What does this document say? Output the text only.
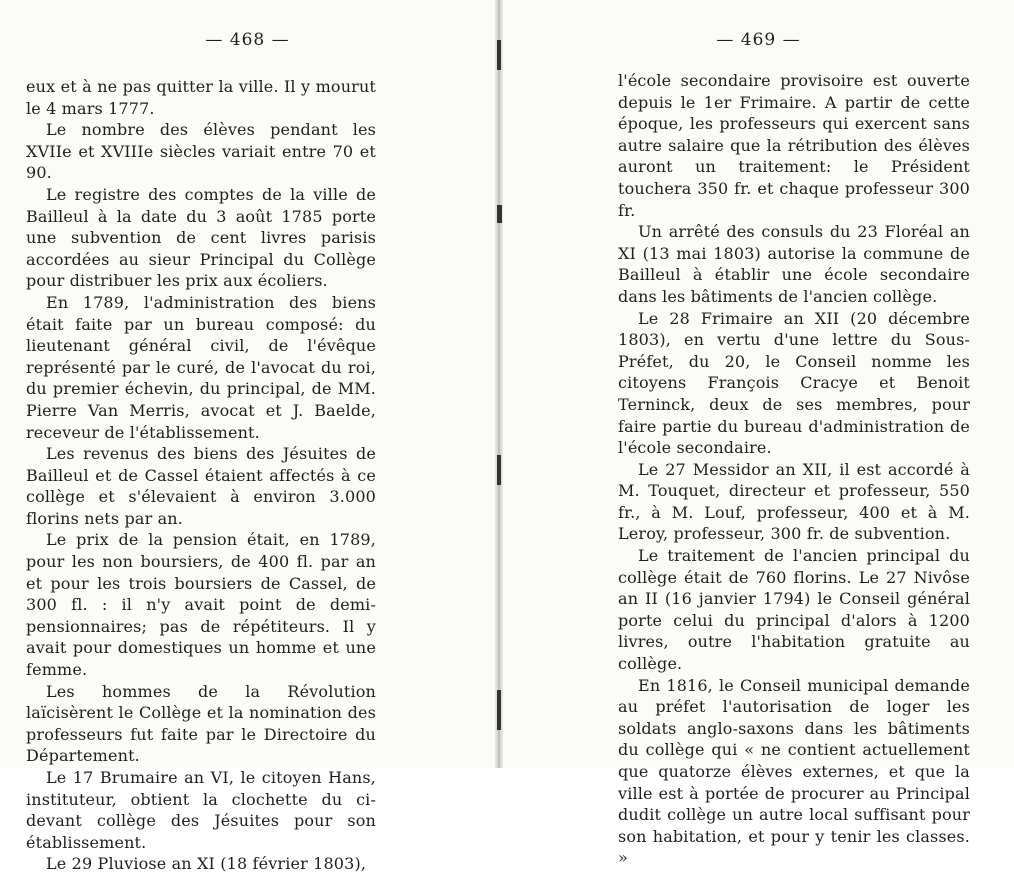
— 468 —

eux et à ne pas quitter la ville. Il y mourut le 4 mars 1777.

Le nombre des élèves pendant les XVIIe et XVIIIe siècles variait entre 70 et 90.

Le registre des comptes de la ville de Bailleul à la date du 3 août 1785 porte une subvention de cent livres parisis accordées au sieur Principal du Collège pour distribuer les prix aux écoliers.

En 1789, l'administration des biens était faite par un bureau composé: du lieutenant général civil, de l'évêque représenté par le curé, de l'avocat du roi, du premier échevin, du principal, de MM. Pierre Van Merris, avocat et J. Baelde, receveur de l'établissement.

Les revenus des biens des Jésuites de Bailleul et de Cassel étaient affectés à ce collège et s'élevaient à environ 3.000 florins nets par an.

Le prix de la pension était, en 1789, pour les non boursiers, de 400 fl. par an et pour les trois boursiers de Cassel, de 300 fl. : il n'y avait point de demi-pensionnaires; pas de répétiteurs. Il y avait pour domestiques un homme et une femme.

Les hommes de la Révolution laïcisèrent le Collège et la nomination des professeurs fut faite par le Directoire du Département.

Le 17 Brumaire an VI, le citoyen Hans, instituteur, obtient la clochette du ci-devant collège des Jésuites pour son établissement.

Le 29 Pluviose an XI (18 février 1803),

— 469 —

l'école secondaire provisoire est ouverte depuis le 1er Frimaire. A partir de cette époque, les professeurs qui exercent sans autre salaire que la rétribution des élèves auront un traitement: le Président touchera 350 fr. et chaque professeur 300 fr.

Un arrêté des consuls du 23 Floréal an XI (13 mai 1803) autorise la commune de Bailleul à établir une école secondaire dans les bâtiments de l'ancien collège.

Le 28 Frimaire an XII (20 décembre 1803), en vertu d'une lettre du Sous-Préfet, du 20, le Conseil nomme les citoyens François Cracye et Benoit Terninck, deux de ses membres, pour faire partie du bureau d'administration de l'école secondaire.

Le 27 Messidor an XII, il est accordé à M. Touquet, directeur et professeur, 550 fr., à M. Louf, professeur, 400 et à M. Leroy, professeur, 300 fr. de subvention.

Le traitement de l'ancien principal du collège était de 760 florins. Le 27 Nivôse an II (16 janvier 1794) le Conseil général porte celui du principal d'alors à 1200 livres, outre l'habitation gratuite au collège.

En 1816, le Conseil municipal demande au préfet l'autorisation de loger les soldats anglo-saxons dans les bâtiments du collège qui « ne contient actuellement que quatorze élèves externes, et que la ville est à portée de procurer au Principal dudit collège un autre local suffisant pour son habitation, et pour y tenir les classes. »
